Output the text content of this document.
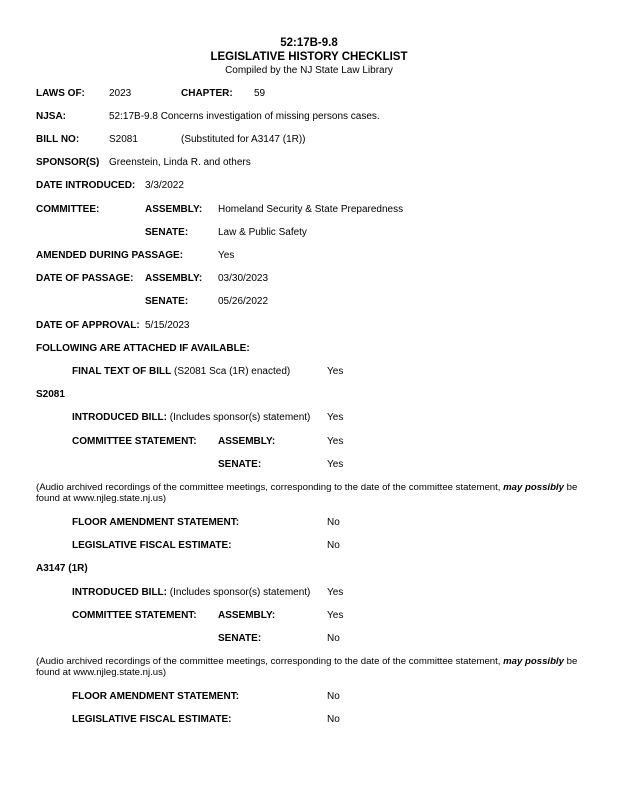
52:17B-9.8
LEGISLATIVE HISTORY CHECKLIST
Compiled by the NJ State Law Library
LAWS OF: 2023	CHAPTER: 59
NJSA:	52:17B-9.8 Concerns investigation of missing persons cases.
BILL NO:	S2081	(Substituted for A3147 (1R))
SPONSOR(S) Greenstein, Linda R. and others
DATE INTRODUCED: 3/3/2022
COMMITTEE:	ASSEMBLY: Homeland Security & State Preparedness
SENATE:	Law & Public Safety
AMENDED DURING PASSAGE:	Yes
DATE OF PASSAGE: ASSEMBLY: 03/30/2023
SENATE:	05/26/2022
DATE OF APPROVAL: 5/15/2023
FOLLOWING ARE ATTACHED IF AVAILABLE:
FINAL TEXT OF BILL (S2081 Sca (1R) enacted)	Yes
S2081
INTRODUCED BILL: (Includes sponsor(s) statement) Yes
COMMITTEE STATEMENT: ASSEMBLY:	Yes
SENATE:	Yes
(Audio archived recordings of the committee meetings, corresponding to the date of the committee statement, may possibly be found at www.njleg.state.nj.us)
FLOOR AMENDMENT STATEMENT:	No
LEGISLATIVE FISCAL ESTIMATE:	No
A3147 (1R)
INTRODUCED BILL: (Includes sponsor(s) statement) Yes
COMMITTEE STATEMENT: ASSEMBLY:	Yes
SENATE:	No
(Audio archived recordings of the committee meetings, corresponding to the date of the committee statement, may possibly be found at www.njleg.state.nj.us)
FLOOR AMENDMENT STATEMENT:	No
LEGISLATIVE FISCAL ESTIMATE:	No
